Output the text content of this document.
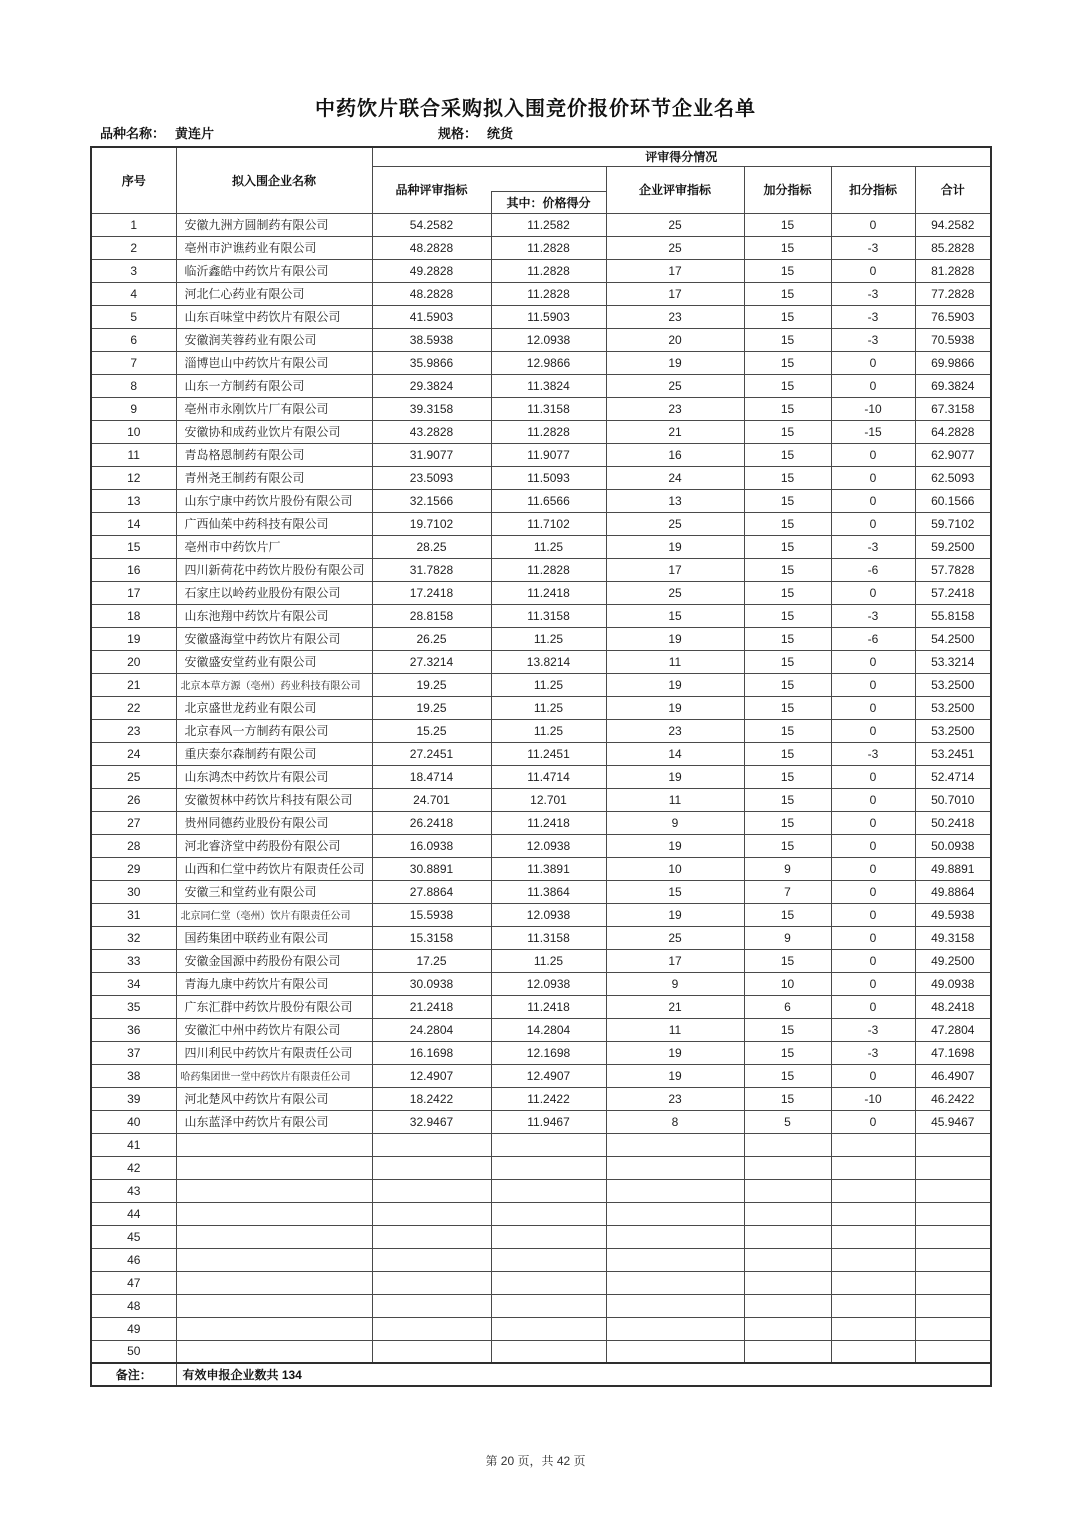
中药饮片联合采购拟入围竞价报价环节企业名单
品种名称： 黄连片	规格： 统货
序号	拟入围企业名称	评审得分情况					
		品种评审指标		企业评审指标	加分指标	扣分指标	合计
			其中：价格得分				
1	安徽九洲方圆制药有限公司	54.2582	11.2582	25	15	0	94.2582
2	亳州市沪谯药业有限公司	48.2828	11.2828	25	15	-3	85.2828
3	临沂鑫皓中药饮片有限公司	49.2828	11.2828	17	15	0	81.2828
4	河北仁心药业有限公司	48.2828	11.2828	17	15	-3	77.2828
5	山东百味堂中药饮片有限公司	41.5903	11.5903	23	15	-3	76.5903
6	安徽润芙蓉药业有限公司	38.5938	12.0938	20	15	-3	70.5938
7	淄博岜山中药饮片有限公司	35.9866	12.9866	19	15	0	69.9866
8	山东一方制药有限公司	29.3824	11.3824	25	15	0	69.3824
9	亳州市永刚饮片厂有限公司	39.3158	11.3158	23	15	-10	67.3158
10	安徽协和成药业饮片有限公司	43.2828	11.2828	21	15	-15	64.2828
11	青岛格恩制药有限公司	31.9077	11.9077	16	15	0	62.9077
12	青州尧王制药有限公司	23.5093	11.5093	24	15	0	62.5093
13	山东宁康中药饮片股份有限公司	32.1566	11.6566	13	15	0	60.1566
14	广西仙茱中药科技有限公司	19.7102	11.7102	25	15	0	59.7102
15	亳州市中药饮片厂	28.25	11.25	19	15	-3	59.2500
16	四川新荷花中药饮片股份有限公司	31.7828	11.2828	17	15	-6	57.7828
17	石家庄以岭药业股份有限公司	17.2418	11.2418	25	15	0	57.2418
18	山东池翔中药饮片有限公司	28.8158	11.3158	15	15	-3	55.8158
19	安徽盛海堂中药饮片有限公司	26.25	11.25	19	15	-6	54.2500
20	安徽盛安堂药业有限公司	27.3214	13.8214	11	15	0	53.3214
21	北京本草方源（亳州）药业科技有限公司	19.25	11.25	19	15	0	53.2500
22	北京盛世龙药业有限公司	19.25	11.25	19	15	0	53.2500
23	北京春风一方制药有限公司	15.25	11.25	23	15	0	53.2500
24	重庆泰尔森制药有限公司	27.2451	11.2451	14	15	-3	53.2451
25	山东鸿杰中药饮片有限公司	18.4714	11.4714	19	15	0	52.4714
26	安徽贺林中药饮片科技有限公司	24.701	12.701	11	15	0	50.7010
27	贵州同德药业股份有限公司	26.2418	11.2418	9	15	0	50.2418
28	河北睿济堂中药股份有限公司	16.0938	12.0938	19	15	0	50.0938
29	山西和仁堂中药饮片有限责任公司	30.8891	11.3891	10	9	0	49.8891
30	安徽三和堂药业有限公司	27.8864	11.3864	15	7	0	49.8864
31	北京同仁堂（亳州）饮片有限责任公司	15.5938	12.0938	19	15	0	49.5938
32	国药集团中联药业有限公司	15.3158	11.3158	25	9	0	49.3158
33	安徽金国源中药股份有限公司	17.25	11.25	17	15	0	49.2500
34	青海九康中药饮片有限公司	30.0938	12.0938	9	10	0	49.0938
35	广东汇群中药饮片股份有限公司	21.2418	11.2418	21	6	0	48.2418
36	安徽汇中州中药饮片有限公司	24.2804	14.2804	11	15	-3	47.2804
37	四川利民中药饮片有限责任公司	16.1698	12.1698	19	15	-3	47.1698
38	哈药集团世一堂中药饮片有限责任公司	12.4907	12.4907	19	15	0	46.4907
39	河北楚风中药饮片有限公司	18.2422	11.2422	23	15	-10	46.2422
40	山东蓝泽中药饮片有限公司	32.9467	11.9467	8	5	0	45.9467
41							
42							
43							
44							
45							
46							
47							
48							
49							
50							
备注：	有效申报企业数共 134						
第 20 页，共 42 页
